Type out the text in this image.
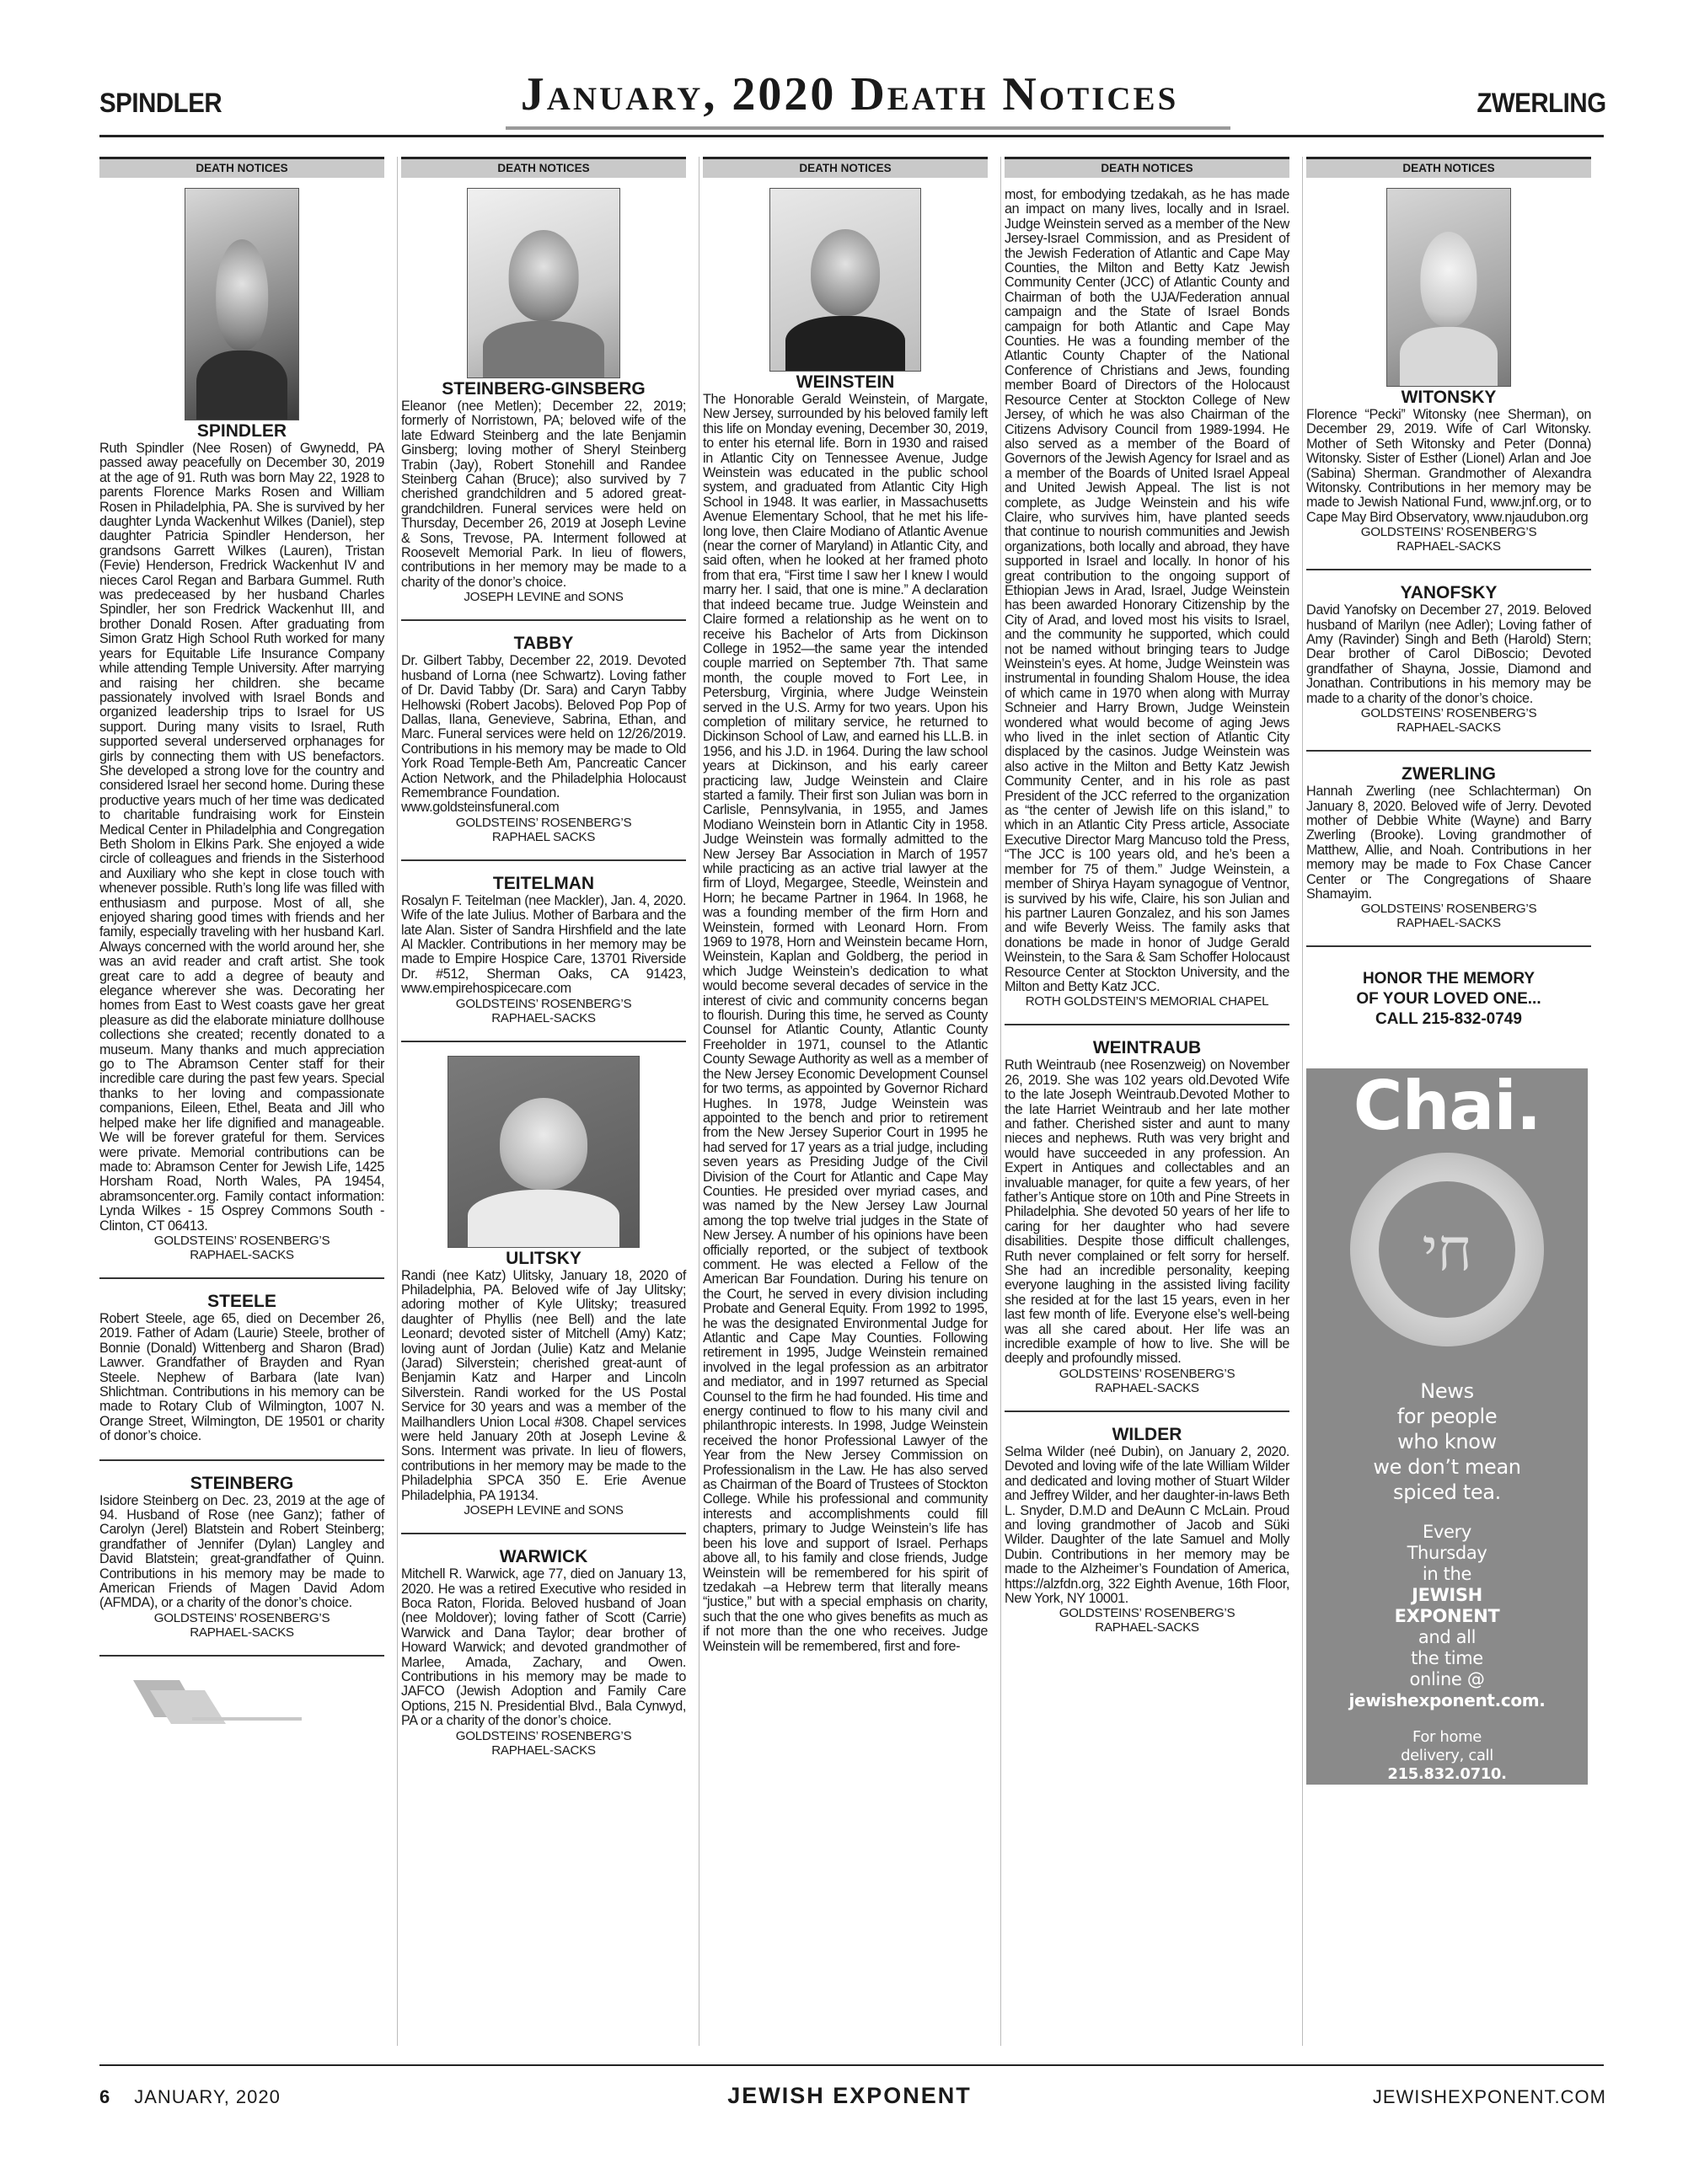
SPINDLER	January, 2020 Death Notices	ZWERLING
DEATH NOTICES
SPINDLER

Ruth Spindler (Nee Rosen) of Gwynedd, PA passed away peacefully on December 30, 2019 at the age of 91. Ruth was born May 22, 1928 to parents Florence Marks Rosen and William Rosen in Philadelphia, PA. She is survived by her daughter Lynda Wackenhut Wilkes (Daniel), step daughter Patricia Spindler Henderson, her grandsons Garrett Wilkes (Lauren), Tristan (Fevie) Henderson, Fredrick Wackenhut IV and nieces Carol Regan and Barbara Gummel. Ruth was predeceased by her husband Charles Spindler, her son Fredrick Wackenhut III, and brother Donald Rosen. After graduating from Simon Gratz High School Ruth worked for many years for Equitable Life Insurance Company while attending Temple University. After marrying and raising her children. she became passionately involved with Israel Bonds and organized leadership trips to Israel for US support. During many visits to Israel, Ruth supported several underserved orphanages for girls by connecting them with US benefactors. She developed a strong love for the country and considered Israel her second home. During these productive years much of her time was dedicated to charitable fundraising work for Einstein Medical Center in Philadelphia and Congregation Beth Sholom in Elkins Park. She enjoyed a wide circle of colleagues and friends in the Sisterhood and Auxiliary who she kept in close touch with whenever possible. Ruth’s long life was filled with enthusiasm and purpose. Most of all, she enjoyed sharing good times with friends and her family, especially traveling with her husband Karl. Always concerned with the world around her, she was an avid reader and craft artist. She took great care to add a degree of beauty and elegance wherever she was. Decorating her homes from East to West coasts gave her great pleasure as did the elaborate miniature dollhouse collections she created; recently donated to a museum. Many thanks and much appreciation go to The Abramson Center staff for their incredible care during the past few years. Special thanks to her loving and compassionate companions, Eileen, Ethel, Beata and Jill who helped make her life dignified and manageable. We will be forever grateful for them. Services were private. Memorial contributions can be made to: Abramson Center for Jewish Life, 1425 Horsham Road, North Wales, PA 19454, abramsoncenter.org. Family contact information: Lynda Wilkes - 15 Osprey Commons South - Clinton, CT 06413.

GOLDSTEINS’ ROSENBERG’S
RAPHAEL-SACKS
STEELE

Robert Steele, age 65, died on December 26, 2019. Father of Adam (Laurie) Steele, brother of Bonnie (Donald) Wittenberg and Sharon (Brad) Lawver. Grandfather of Brayden and Ryan Steele. Nephew of Barbara (late Ivan) Shlichtman. Contributions in his memory can be made to Rotary Club of Wilmington, 1007 N. Orange Street, Wilmington, DE 19501 or charity of donor’s choice.

STEINBERG

Isidore Steinberg on Dec. 23, 2019 at the age of 94. Husband of Rose (nee Ganz); father of Carolyn (Jerel) Blatstein and Robert Steinberg; grandfather of Jennifer (Dylan) Langley and David Blatstein; great-grandfather of Quinn. Contributions in his memory may be made to American Friends of Magen David Adom (AFMDA), or a charity of the donor’s choice.

GOLDSTEINS’ ROSENBERG’S
RAPHAEL-SACKS
DEATH NOTICES
STEINBERG-GINSBERG

Eleanor (nee Metlen); December 22, 2019; formerly of Norristown, PA; beloved wife of the late Edward Steinberg and the late Benjamin Ginsberg; loving mother of Sheryl Steinberg Trabin (Jay), Robert Stonehill and Randee Steinberg Cahan (Bruce); also survived by 7 cherished grandchildren and 5 adored great-grandchildren. Funeral services were held on Thursday, December 26, 2019 at Joseph Levine & Sons, Trevose, PA. Interment followed at Roosevelt Memorial Park. In lieu of flowers, contributions in her memory may be made to a charity of the donor’s choice.

JOSEPH LEVINE and SONS
TABBY

Dr. Gilbert Tabby, December 22, 2019. Devoted husband of Lorna (nee Schwartz). Loving father of Dr. David Tabby (Dr. Sara) and Caryn Tabby Helhowski (Robert Jacobs). Beloved Pop Pop of Dallas, Ilana, Genevieve, Sabrina, Ethan, and Marc. Funeral services were held on 12/26/2019. Contributions in his memory may be made to Old York Road Temple-Beth Am, Pancreatic Cancer Action Network, and the Philadelphia Holocaust Remembrance Foundation.

www.goldsteinsfuneral.com

GOLDSTEINS’ ROSENBERG’S
RAPHAEL SACKS
TEITELMAN

Rosalyn F. Teitelman (nee Mackler), Jan. 4, 2020. Wife of the late Julius. Mother of Barbara and the late Alan. Sister of Sandra Hirshfield and the late Al Mackler. Contributions in her memory may be made to Empire Hospice Care, 13701 Riverside Dr. #512, Sherman Oaks, CA 91423, www.empirehospicecare.com

GOLDSTEINS’ ROSENBERG’S
RAPHAEL-SACKS
ULITSKY

Randi (nee Katz) Ulitsky, January 18, 2020 of Philadelphia, PA. Beloved wife of Jay Ulitsky; adoring mother of Kyle Ulitsky; treasured daughter of Phyllis (nee Bell) and the late Leonard; devoted sister of Mitchell (Amy) Katz; loving aunt of Jordan (Julie) Katz and Melanie (Jarad) Silverstein; cherished great-aunt of Benjamin Katz and Harper and Lincoln Silverstein. Randi worked for the US Postal Service for 30 years and was a member of the Mailhandlers Union Local #308. Chapel services were held January 20th at Joseph Levine & Sons. Interment was private. In lieu of flowers, contributions in her memory may be made to the Philadelphia SPCA 350 E. Erie Avenue Philadelphia, PA 19134.

JOSEPH LEVINE and SONS
WARWICK

Mitchell R. Warwick, age 77, died on January 13, 2020. He was a retired Executive who resided in Boca Raton, Florida. Beloved husband of Joan (nee Moldover); loving father of Scott (Carrie) Warwick and Dana Taylor; dear brother of Howard Warwick; and devoted grandmother of Marlee, Amada, Zachary, and Owen. Contributions in his memory may be made to JAFCO (Jewish Adoption and Family Care Options, 215 N. Presidential Blvd., Bala Cynwyd, PA or a charity of the donor’s choice.

GOLDSTEINS’ ROSENBERG’S
RAPHAEL-SACKS
DEATH NOTICES
WEINSTEIN

The Honorable Gerald Weinstein, of Margate, New Jersey, surrounded by his beloved family left this life on Monday evening, December 30, 2019, to enter his eternal life. Born in 1930 and raised in Atlantic City on Tennessee Avenue, Judge Weinstein was educated in the public school system, and graduated from Atlantic City High School in 1948. It was earlier, in Massachusetts Avenue Elementary School, that he met his life-long love, then Claire Modiano of Atlantic Avenue (near the corner of Maryland) in Atlantic City, and said often, when he looked at her framed photo from that era, “First time I saw her I knew I would marry her. I said, that one is mine.” A declaration that indeed became true. Judge Weinstein and Claire formed a relationship as he went on to receive his Bachelor of Arts from Dickinson College in 1952—the same year the intended couple married on September 7th. That same month, the couple moved to Fort Lee, in Petersburg, Virginia, where Judge Weinstein served in the U.S. Army for two years. Upon his completion of military service, he returned to Dickinson School of Law, and earned his LL.B. in 1956, and his J.D. in 1964. During the law school years at Dickinson, and his early career practicing law, Judge Weinstein and Claire started a family. Their first son Julian was born in Carlisle, Pennsylvania, in 1955, and James Modiano Weinstein born in Atlantic City in 1958. Judge Weinstein was formally admitted to the New Jersey Bar Association in March of 1957 while practicing as an active trial lawyer at the firm of Lloyd, Megargee, Steedle, Weinstein and Horn; he became Partner in 1964. In 1968, he was a founding member of the firm Horn and Weinstein, formed with Leonard Horn. From 1969 to 1978, Horn and Weinstein became Horn, Weinstein, Kaplan and Goldberg, the period in which Judge Weinstein’s dedication to what would become several decades of service in the interest of civic and community concerns began to flourish. During this time, he served as County Counsel for Atlantic County, Atlantic County Freeholder in 1971, counsel to the Atlantic County Sewage Authority as well as a member of the New Jersey Economic Development Counsel for two terms, as appointed by Governor Richard Hughes. In 1978, Judge Weinstein was appointed to the bench and prior to retirement from the New Jersey Superior Court in 1995 he had served for 17 years as a trial judge, including seven years as Presiding Judge of the Civil Division of the Court for Atlantic and Cape May Counties. He presided over myriad cases, and was named by the New Jersey Law Journal among the top twelve trial judges in the State of New Jersey. A number of his opinions have been officially reported, or the subject of textbook comment. He was elected a Fellow of the American Bar Foundation. During his tenure on the Court, he served in every division including Probate and General Equity. From 1992 to 1995, he was the designated Environmental Judge for Atlantic and Cape May Counties. Following retirement in 1995, Judge Weinstein remained involved in the legal profession as an arbitrator and mediator, and in 1997 returned as Special Counsel to the firm he had founded. His time and energy continued to flow to his many civil and philanthropic interests. In 1998, Judge Weinstein received the honor Professional Lawyer of the Year from the New Jersey Commission on Professionalism in the Law. He has also served as Chairman of the Board of Trustees of Stockton College. While his professional and community interests and accomplishments could fill chapters, primary to Judge Weinstein’s life has been his love and support of Israel. Perhaps above all, to his family and close friends, Judge Weinstein will be remembered for his spirit of tzedakah –a Hebrew term that literally means “justice,” but with a special emphasis on charity, such that the one who gives benefits as much as if not more than the one who receives. Judge Weinstein will be remembered, first and fore-

DEATH NOTICES

most, for embodying tzedakah, as he has made an impact on many lives, locally and in Israel. Judge Weinstein served as a member of the New Jersey-Israel Commission, and as President of the Jewish Federation of Atlantic and Cape May Counties, the Milton and Betty Katz Jewish Community Center (JCC) of Atlantic County and Chairman of both the UJA/Federation annual campaign and the State of Israel Bonds campaign for both Atlantic and Cape May Counties. He was a founding member of the Atlantic County Chapter of the National Conference of Christians and Jews, founding member Board of Directors of the Holocaust Resource Center at Stockton College of New Jersey, of which he was also Chairman of the Citizens Advisory Council from 1989-1994. He also served as a member of the Board of Governors of the Jewish Agency for Israel and as a member of the Boards of United Israel Appeal and United Jewish Appeal. The list is not complete, as Judge Weinstein and his wife Claire, who survives him, have planted seeds that continue to nourish communities and Jewish organizations, both locally and abroad, they have supported in Israel and locally. In honor of his great contribution to the ongoing support of Ethiopian Jews in Arad, Israel, Judge Weinstein has been awarded Honorary Citizenship by the City of Arad, and loved most his visits to Israel, and the community he supported, which could not be named without bringing tears to Judge Weinstein’s eyes. At home, Judge Weinstein was instrumental in founding Shalom House, the idea of which came in 1970 when along with Murray Schneier and Harry Brown, Judge Weinstein wondered what would become of aging Jews who lived in the inlet section of Atlantic City displaced by the casinos. Judge Weinstein was also active in the Milton and Betty Katz Jewish Community Center, and in his role as past President of the JCC referred to the organization as “the center of Jewish life on this island,” to which in an Atlantic City Press article, Associate Executive Director Marg Mancuso told the Press, “The JCC is 100 years old, and he’s been a member for 75 of them.” Judge Weinstein, a member of Shirya Hayam synagogue of Ventnor, is survived by his wife, Claire, his son Julian and his partner Lauren Gonzalez, and his son James and wife Beverly Weiss. The family asks that donations be made in honor of Judge Gerald Weinstein, to the Sara & Sam Schoffer Holocaust Resource Center at Stockton University, and the Milton and Betty Katz JCC.

ROTH GOLDSTEIN’S MEMORIAL CHAPEL
WEINTRAUB

Ruth Weintraub (nee Rosenzweig) on November 26, 2019. She was 102 years old.Devoted Wife to the late Joseph Weintraub.Devoted Mother to the late Harriet Weintraub and her late mother and father. Cherished sister and aunt to many nieces and nephews. Ruth was very bright and would have succeeded in any profession. An Expert in Antiques and collectables and an invaluable manager, for quite a few years, of her father’s Antique store on 10th and Pine Streets in Philadelphia. She devoted 50 years of her life to caring for her daughter who had severe disabilities. Despite those difficult challenges, Ruth never complained or felt sorry for herself. She had an incredible personality, keeping everyone laughing in the assisted living facility she resided at for the last 15 years, even in her last few month of life. Everyone else’s well-being was all she cared about. Her life was an incredible example of how to live. She will be deeply and profoundly missed.

GOLDSTEINS’ ROSENBERG’S
RAPHAEL-SACKS
WILDER

Selma Wilder (neé Dubin), on January 2, 2020. Devoted and loving wife of the late William Wilder and dedicated and loving mother of Stuart Wilder and Jeffrey Wilder, and her daughter-in-laws Beth L. Snyder, D.M.D and DeAunn C McLain. Proud and loving grandmother of Jacob and Süki Wilder. Daughter of the late Samuel and Molly Dubin. Contributions in her memory may be made to the Alzheimer’s Foundation of America, https://alzfdn.org, 322 Eighth Avenue, 16th Floor, New York, NY 10001.

GOLDSTEINS’ ROSENBERG’S
RAPHAEL-SACKS
DEATH NOTICES
WITONSKY

Florence “Pecki” Witonsky (nee Sherman), on December 29, 2019. Wife of Carl Witonsky. Mother of Seth Witonsky and Peter (Donna) Witonsky. Sister of Esther (Lionel) Arlan and Joe (Sabina) Sherman. Grandmother of Alexandra Witonsky. Contributions in her memory may be made to Jewish National Fund, www.jnf.org, or to Cape May Bird Observatory, www.njaudubon.org

GOLDSTEINS’ ROSENBERG’S
RAPHAEL-SACKS
YANOFSKY

David Yanofsky on December 27, 2019. Beloved husband of Marilyn (nee Adler); Loving father of Amy (Ravinder) Singh and Beth (Harold) Stern; Dear brother of Carol DiBoscio; Devoted grandfather of Shayna, Jossie, Diamond and Jonathan. Contributions in his memory may be made to a charity of the donor’s choice.

GOLDSTEINS’ ROSENBERG’S
RAPHAEL-SACKS
ZWERLING

Hannah Zwerling (nee Schlachterman) On January 8, 2020. Beloved wife of Jerry. Devoted mother of Debbie White (Wayne) and Barry Zwerling (Brooke). Loving grandmother of Matthew, Allie, and Noah. Contributions in her memory may be made to Fox Chase Cancer Center or The Congregations of Shaare Shamayim.

GOLDSTEINS’ ROSENBERG’S
RAPHAEL-SACKS
HONOR THE MEMORY
OF YOUR LOVED ONE...
CALL 215-832-0749
Chai.
חי
News
for people
who know
we don’t mean
spiced tea.
Every
Thursday
in the
JEWISH
EXPONENT
and all
the time
online @
jewishexponent.com.
For home
delivery, call
215.832.0710.
6 JANUARY, 2020	JEWISH EXPONENT	JEWISHEXPONENT.COM
